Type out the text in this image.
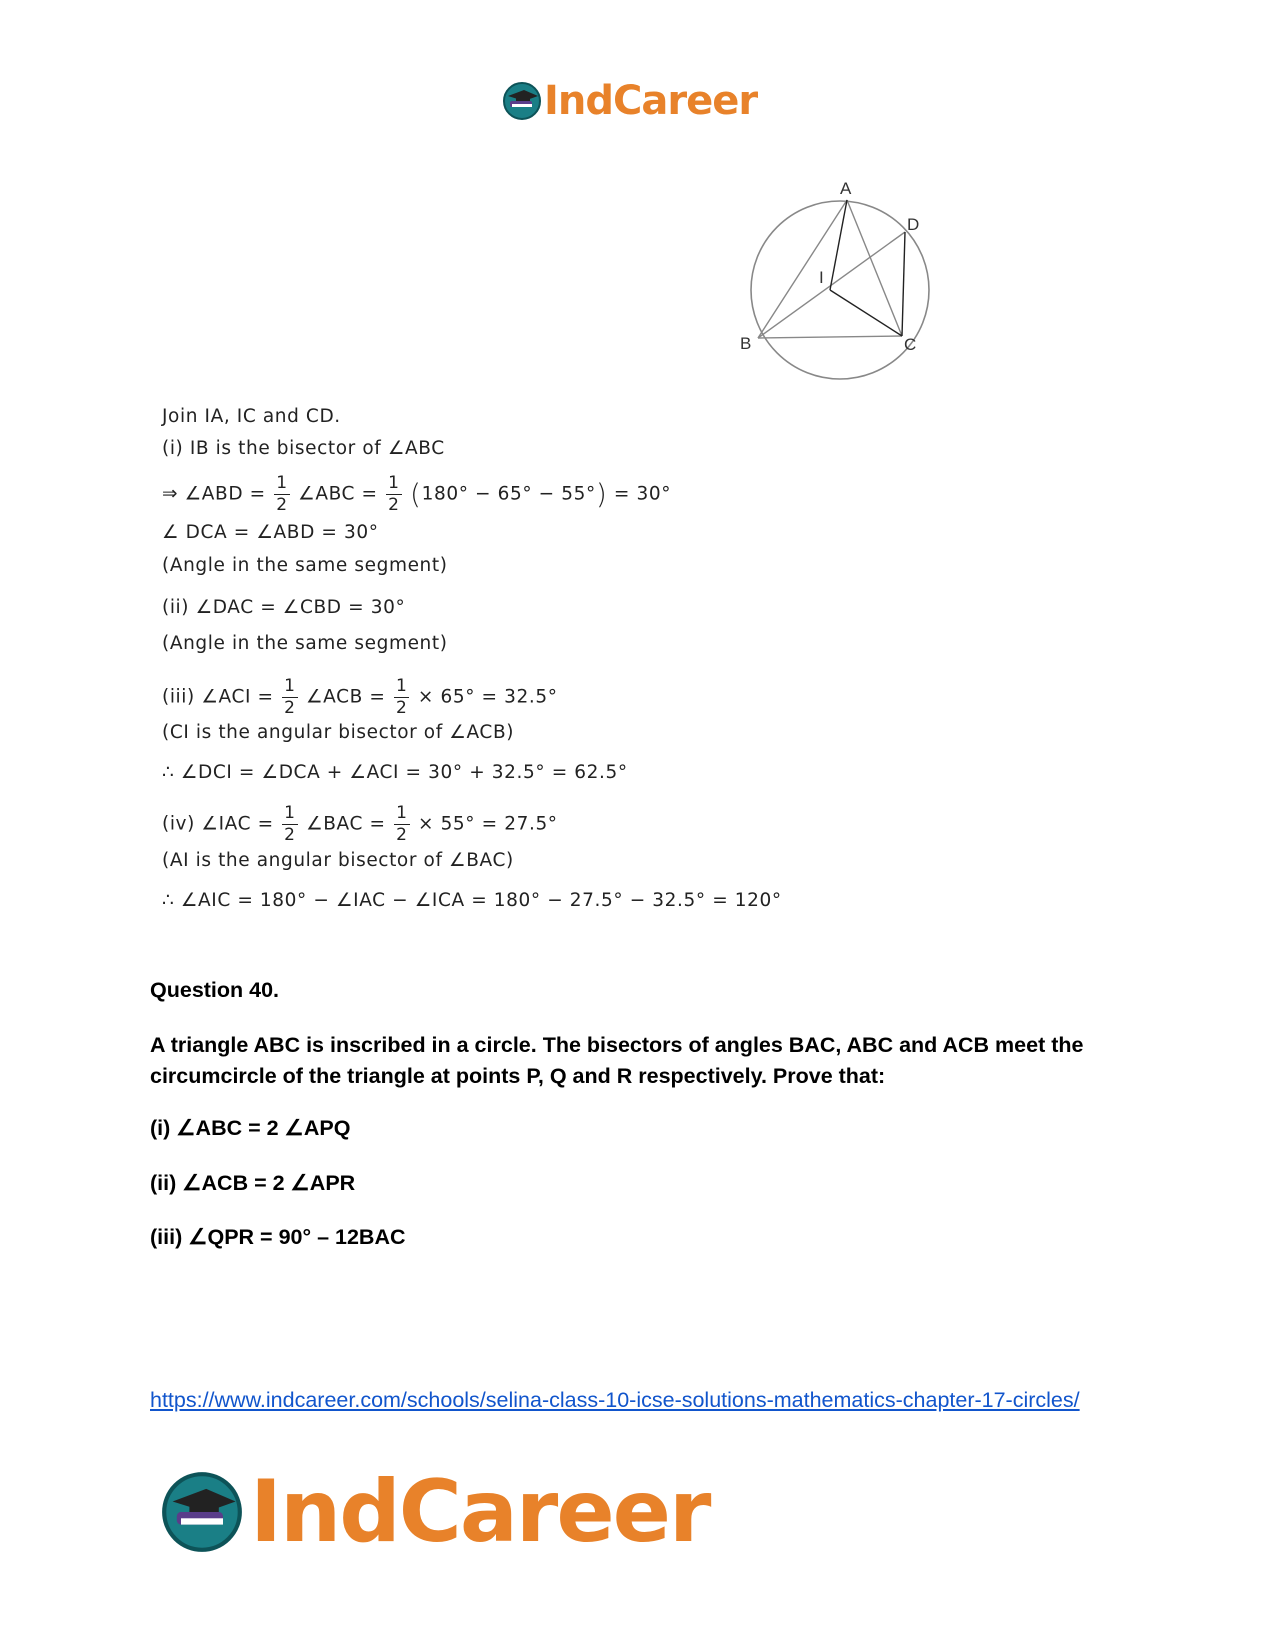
IndCareer
A
D
I
B	C
Join IA, IC and CD.
(i) IB is the bisector of ∠ABC
⇒ ∠ABD = $\frac{1}{2}$ ∠ABC = $\frac{1}{2} (180^\circ - 65^\circ - 55^\circ) = 30^\circ$
∠ DCA = ∠ABD = 30°
(Angle in the same segment)
(ii) ∠DAC = ∠CBD = 30°
(Angle in the same segment)
(iii) ∠ACI = $\frac{1}{2}$ ∠ACB = $\frac{1}{2} \times 65^\circ = 32.5^\circ$
(CI is the angular bisector of ∠ACB)
∴ ∠DCI = ∠DCA + ∠ACI = 30° + 32.5° = 62.5°
(iv) ∠IAC = $\frac{1}{2}$ ∠BAC = $\frac{1}{2} \times 55^\circ = 27.5^\circ$
(AI is the angular bisector of ∠BAC)
∴ ∠AIC = 180° − ∠IAC − ∠ICA = 180° − 27.5° − 32.5° = 120°
Question 40.
A triangle ABC is inscribed in a circle. The bisectors of angles BAC, ABC and ACB meet the circumcircle of the triangle at points P, Q and R respectively. Prove that:
(i) ∠ABC = 2 ∠APQ
(ii) ∠ACB = 2 ∠APR
(iii) ∠QPR = 90° – 12BAC
https://www.indcareer.com/schools/selina-class-10-icse-solutions-mathematics-chapter-17-circles/
IndCareer
